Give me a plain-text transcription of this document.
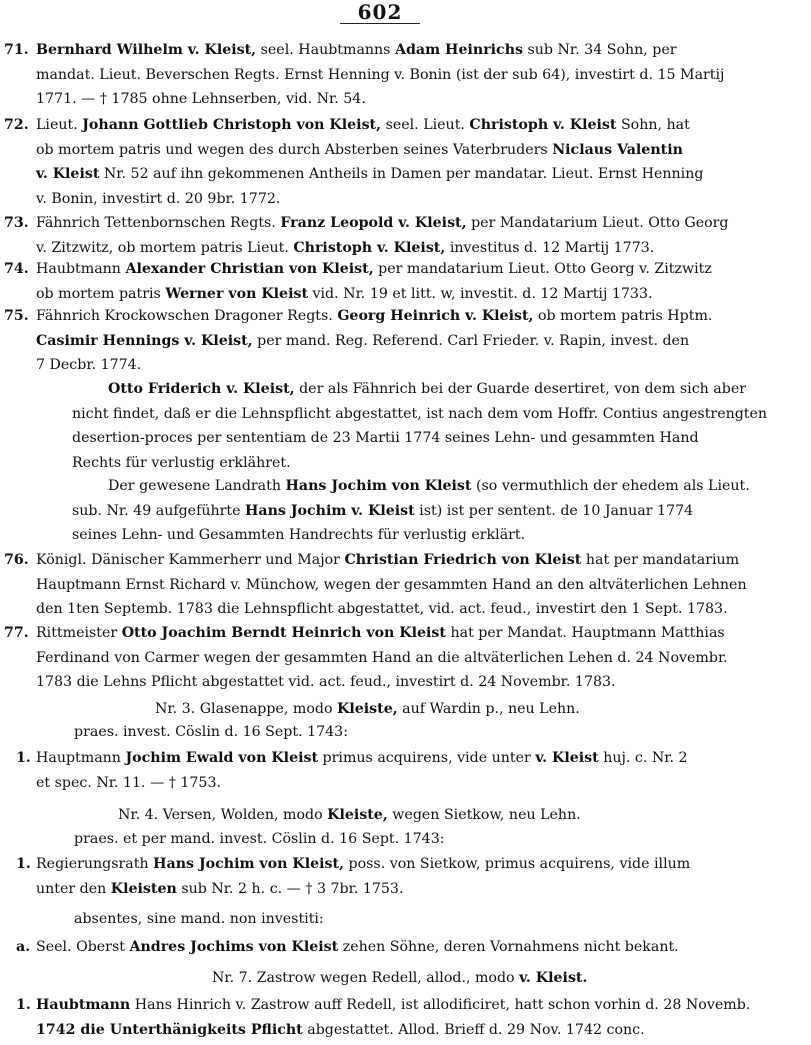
602
71. Bernhard Wilhelm v. Kleist, seel. Haubtmanns Adam Heinrichs sub Nr. 34 Sohn, per
mandat. Lieut. Beverschen Regts. Ernst Henning v. Bonin (ist der sub 64), investirt d. 15 Martij
1771. — † 1785 ohne Lehnserben, vid. Nr. 54.
72. Lieut. Johann Gottlieb Christoph von Kleist, seel. Lieut. Christoph v. Kleist Sohn, hat
ob mortem patris und wegen des durch Absterben seines Vaterbruders Niclaus Valentin
v. Kleist Nr. 52 auf ihn gekommenen Antheils in Damen per mandatar. Lieut. Ernst Henning
v. Bonin, investirt d. 20 9br. 1772.
73. Fähnrich Tettenbornschen Regts. Franz Leopold v. Kleist, per Mandatarium Lieut. Otto Georg
v. Zitzwitz, ob mortem patris Lieut. Christoph v. Kleist, investitus d. 12 Martij 1773.
74. Haubtmann Alexander Christian von Kleist, per mandatarium Lieut. Otto Georg v. Zitzwitz
ob mortem patris Werner von Kleist vid. Nr. 19 et litt. w, investit. d. 12 Martij 1733.
75. Fähnrich Krockowschen Dragoner Regts. Georg Heinrich v. Kleist, ob mortem patris Hptm.
Casimir Hennings v. Kleist, per mand. Reg. Referend. Carl Frieder. v. Rapin, invest. den
7 Decbr. 1774.
Otto Friderich v. Kleist, der als Fähnrich bei der Guarde desertiret, von dem sich aber
nicht findet, daß er die Lehnspflicht abgestattet, ist nach dem vom Hoffr. Contius angestrengten
desertion-proces per sententiam de 23 Martii 1774 seines Lehn- und gesammten Hand
Rechts für verlustig erklähret.
Der gewesene Landrath Hans Jochim von Kleist (so vermuthlich der ehedem als Lieut.
sub. Nr. 49 aufgeführte Hans Jochim v. Kleist ist) ist per sentent. de 10 Januar 1774
seines Lehn- und Gesammten Handrechts für verlustig erklärt.
76. Königl. Dänischer Kammerherr und Major Christian Friedrich von Kleist hat per mandatarium
Hauptmann Ernst Richard v. Münchow, wegen der gesammten Hand an den altväterlichen Lehnen
den 1ten Septemb. 1783 die Lehnspflicht abgestattet, vid. act. feud., investirt den 1 Sept. 1783.
77. Rittmeister Otto Joachim Berndt Heinrich von Kleist hat per Mandat. Hauptmann Matthias
Ferdinand von Carmer wegen der gesammten Hand an die altväterlichen Lehen d. 24 Novembr.
1783 die Lehns Pflicht abgestattet vid. act. feud., investirt d. 24 Novembr. 1783.
Nr. 3. Glasenappe, modo Kleiste, auf Wardin p., neu Lehn.
praes. invest. Cöslin d. 16 Sept. 1743:
1. Hauptmann Jochim Ewald von Kleist primus acquirens, vide unter v. Kleist huj. c. Nr. 2
et spec. Nr. 11. — † 1753.
Nr. 4. Versen, Wolden, modo Kleiste, wegen Sietkow, neu Lehn.
praes. et per mand. invest. Cöslin d. 16 Sept. 1743:
1. Regierungsrath Hans Jochim von Kleist, poss. von Sietkow, primus acquirens, vide illum
unter den Kleisten sub Nr. 2 h. c. — † 3 7br. 1753.
absentes, sine mand. non investiti:
a. Seel. Oberst Andres Jochims von Kleist zehen Söhne, deren Vornahmens nicht bekant.
Nr. 7. Zastrow wegen Redell, allod., modo v. Kleist.
1. Haubtmann Hans Hinrich v. Zastrow auff Redell, ist allodificiret, hatt schon vorhin d. 28 Novemb.
1742 die Unterthänigkeits Pflicht abgestattet. Allod. Brieff d. 29 Nov. 1742 conc.
